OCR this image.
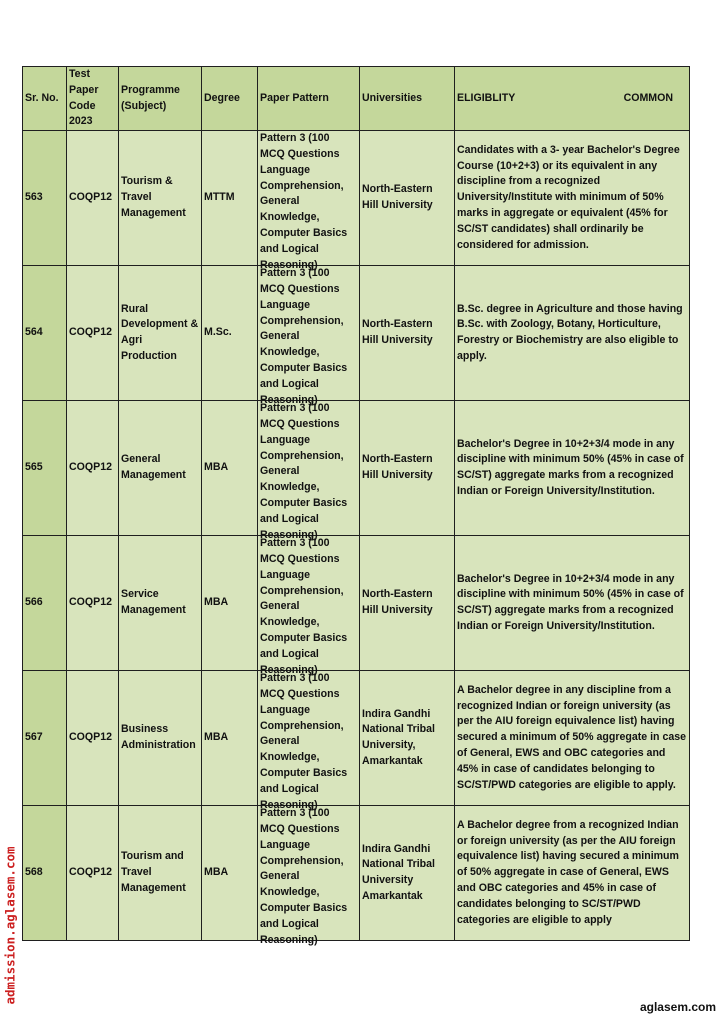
Sr. No.	Test Paper Code 2023	Programme (Subject)	Degree	Paper Pattern	Universities	ELIGIBLITY COMMON

563	COQP12	Tourism & Travel Management	MTTM	Pattern 3 (100 MCQ Questions Language Comprehension, General Knowledge, Computer Basics and Logical Reasoning)	North-Eastern Hill University	Candidates with a 3- year Bachelor's Degree Course (10+2+3) or its equivalent in any discipline from a recognized University/Institute with minimum of 50% marks in aggregate or equivalent (45% for SC/ST candidates) shall ordinarily be considered for admission.
564	COQP12	Rural Development & Agri Production	M.Sc.	Pattern 3 (100 MCQ Questions Language Comprehension, General Knowledge, Computer Basics and Logical Reasoning)	North-Eastern Hill University	B.Sc. degree in Agriculture and those having B.Sc. with Zoology, Botany, Horticulture, Forestry or Biochemistry are also eligible to apply.
565	COQP12	General Management	MBA	Pattern 3 (100 MCQ Questions Language Comprehension, General Knowledge, Computer Basics and Logical Reasoning)	North-Eastern Hill University	Bachelor's Degree in 10+2+3/4 mode in any discipline with minimum 50% (45% in case of SC/ST) aggregate marks from a recognized Indian or Foreign University/Institution.
566	COQP12	Service Management	MBA	Pattern 3 (100 MCQ Questions Language Comprehension, General Knowledge, Computer Basics and Logical Reasoning)	North-Eastern Hill University	Bachelor's Degree in 10+2+3/4 mode in any discipline with minimum 50% (45% in case of SC/ST) aggregate marks from a recognized Indian or Foreign University/Institution.
567	COQP12	Business Administration	MBA	Pattern 3 (100 MCQ Questions Language Comprehension, General Knowledge, Computer Basics and Logical Reasoning)	Indira Gandhi National Tribal University, Amarkantak	A Bachelor degree in any discipline from a recognized Indian or foreign university (as per the AIU foreign equivalence list) having secured a minimum of 50% aggregate in case of General, EWS and OBC categories and 45% in case of candidates belonging to SC/ST/PWD categories are eligible to apply.
568	COQP12	Tourism and Travel Management	MBA	Pattern 3 (100 MCQ Questions Language Comprehension, General Knowledge, Computer Basics and Logical Reasoning)	Indira Gandhi National Tribal University Amarkantak	A Bachelor degree from a recognized Indian or foreign university (as per the AIU foreign equivalence list) having secured a minimum of 50% aggregate in case of General, EWS and OBC categories and 45% in case of candidates belonging to SC/ST/PWD categories are eligible to apply
admission.aglasem.com
aglasem.com
